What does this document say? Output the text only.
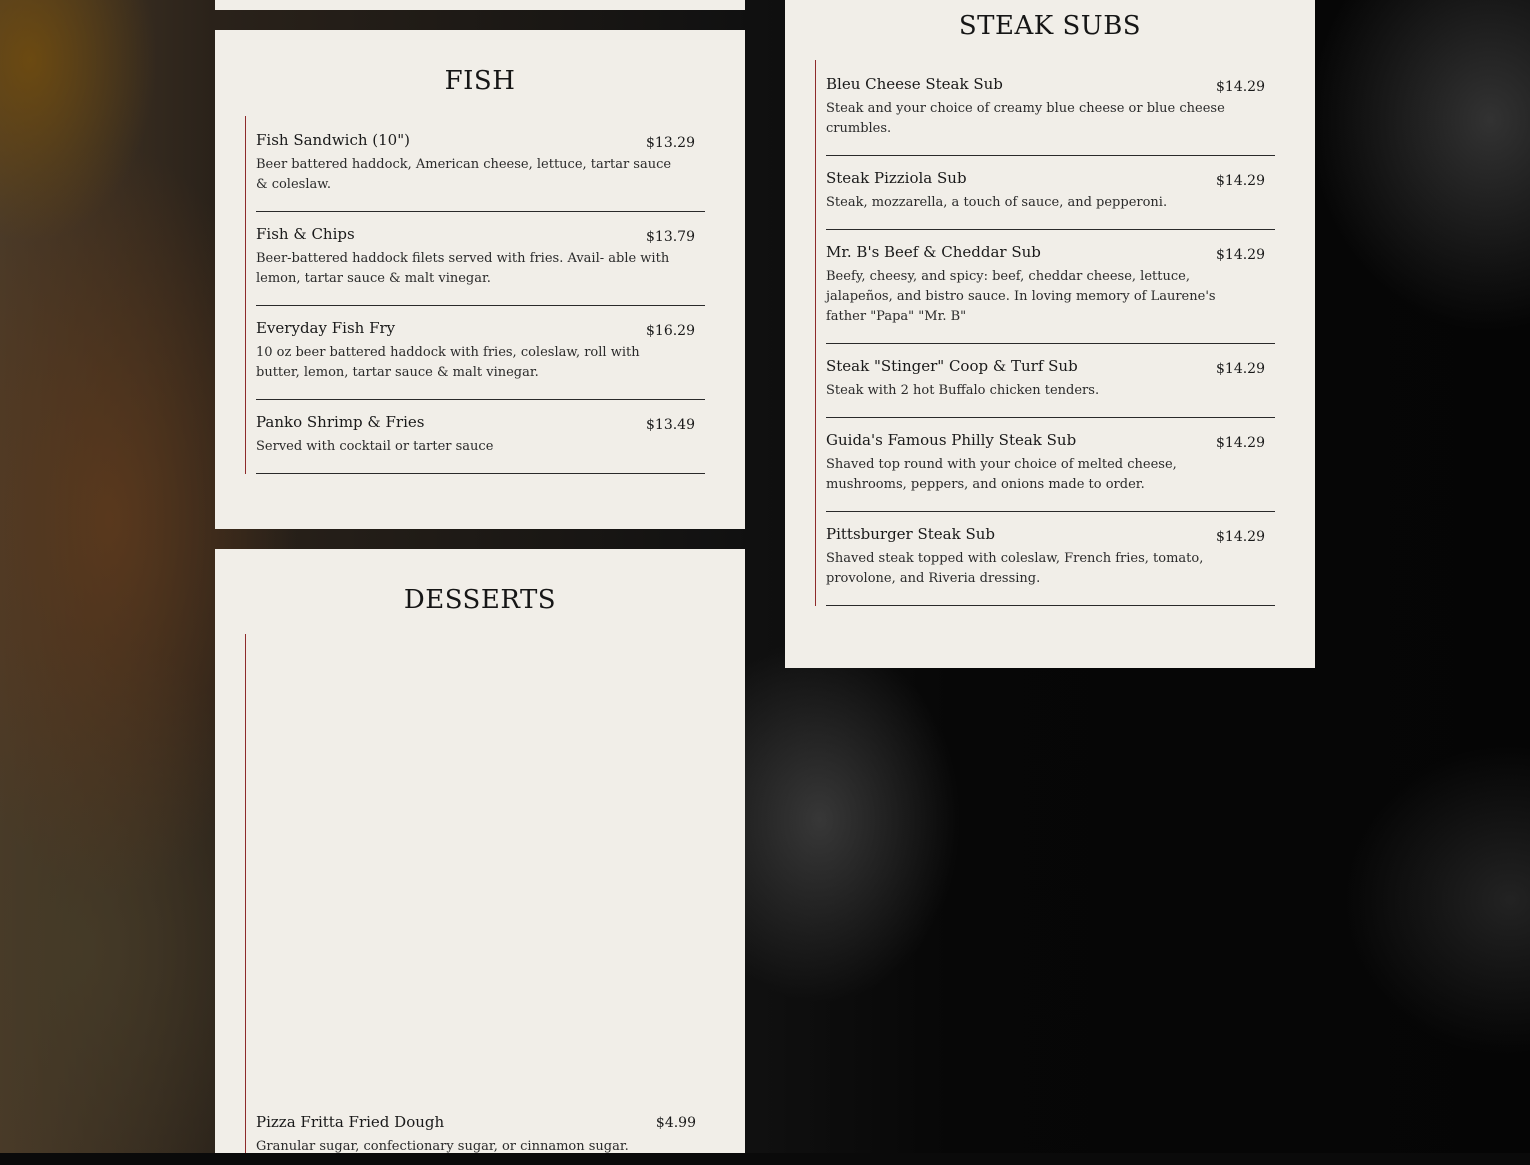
FISH
Fish Sandwich (10")	$13.29
Beer battered haddock, American cheese, lettuce, tartar sauce & coleslaw.
Fish & Chips	$13.79
Beer-battered haddock filets served with fries. Avail- able with lemon, tartar sauce & malt vinegar.
Everyday Fish Fry	$16.29
10 oz beer battered haddock with fries, coleslaw, roll with butter, lemon, tartar sauce & malt vinegar.
Panko Shrimp & Fries	$13.49
Served with cocktail or tarter sauce
DESSERTS
Pizza Fritta Fried Dough	$4.99
Granular sugar, confectionary sugar, or cinnamon sugar.
STEAK SUBS
Bleu Cheese Steak Sub	$14.29
Steak and your choice of creamy blue cheese or blue cheese crumbles.
Steak Pizziola Sub	$14.29
Steak, mozzarella, a touch of sauce, and pepperoni.
Mr. B's Beef & Cheddar Sub	$14.29
Beefy, cheesy, and spicy: beef, cheddar cheese, lettuce, jalapeños, and bistro sauce. In loving memory of Laurene's father "Papa" "Mr. B"
Steak "Stinger" Coop & Turf Sub	$14.29
Steak with 2 hot Buffalo chicken tenders.
Guida's Famous Philly Steak Sub	$14.29
Shaved top round with your choice of melted cheese, mushrooms, peppers, and onions made to order.
Pittsburger Steak Sub	$14.29
Shaved steak topped with coleslaw, French fries, tomato, provolone, and Riveria dressing.
